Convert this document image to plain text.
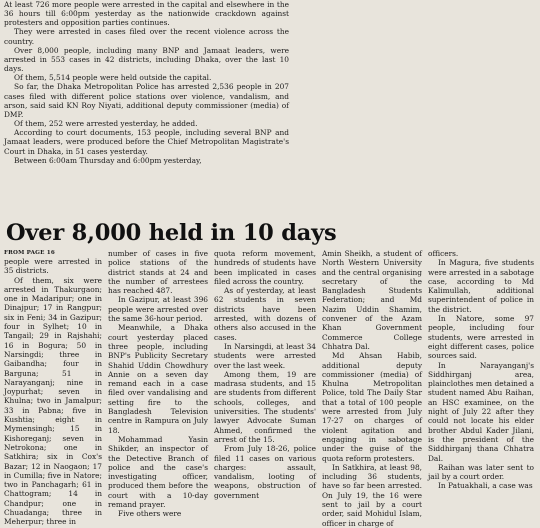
At least 726 more people were arrested in the capital and elsewhere in the 36 hours till 6:00pm yesterday as the nationwide crackdown against protesters and opposition parties continues.

They were arrested in cases filed over the recent violence across the country.

Over 8,000 people, including many BNP and Jamaat leaders, were arrested in 553 cases in 42 districts, including Dhaka, over the last 10 days.

Of them, 5,514 people were held outside the capital.

So far, the Dhaka Metropolitan Police has arrested 2,536 people in 207 cases filed with different police stations over violence, vandalism, and arson, said said KN Roy Niyati, additional deputy commissioner (media) of DMP.

Of them, 252 were arrested yesterday, he added.

According to court documents, 153 people, including several BNP and Jamaat leaders, were produced before the Chief Metropolitan Magistrate's Court in Dhaka, in 51 cases yesterday.

Between 6:00am Thursday and 6:00pm yesterday,

Over 8,000 held in 10 days

FROM PAGE 16

people were arrested in 35 districts.

Of them, six were arrested in Thakurgaon; one in Madaripur; one in Dinajpur; 17 in Rangpur; six in Feni; 34 in Gazipur; four in Sylhet; 10 in Tangail; 29 in Rajshahi; 16 in Bogura; 50 in Narsingdi; three in Gaibandha; four in Barguna; 51 in Narayanganj; nine in Joypurhat; seven in Khulna; two in Jamalpur; 33 in Pabna; five in Kushtia; eight in Mymensingh; 15 in Kishoreganj; seven in Netrokona; one in Satkhira; six in Cox's Bazar; 12 in Naogaon; 17 in Cumilla; five in Natore; two in Panchagarh; 61 in Chattogram; 14 in Chandpur; one in Chuadanga; three in Meherpur; three in

number of cases in five police stations of the district stands at 24 and the number of arrestees has reached 487.

In Gazipur, at least 396 people were arrested over the same 36-hour period.

Meanwhile, a Dhaka court yesterday placed three people, including BNP's Publicity Secretary Shahid Uddin Chowdhury Annie on a seven day remand each in a case filed over vandalising and setting fire to the Bangladesh Television centre in Rampura on July 18.

Mohammad Yasin Shikder, an inspector of the Detective Branch of police and the case's investigating officer, produced them before the court with a 10-day remand prayer.

Five others were

quota reform movement, hundreds of students have been implicated in cases filed across the country.

As of yesterday, at least 62 students in seven districts have been arrested, with dozens of others also accused in the cases.

In Narsingdi, at least 34 students were arrested over the last week.

Among them, 19 are madrasa students, and 15 are students from different schools, colleges, and universities. The students' lawyer Advocate Suman Ahmed, confirmed the arrest of the 15.

From July 18-26, police filed 11 cases on various charges: assault, vandalism, looting of weapons, obstruction of government

Amin Sheikh, a student of North Western University and the central organising secretary of the Bangladesh Students Federation; and Md Nazim Uddin Shamim, convener of the Azam Khan Government Commerce College Chhatra Dal.

Md Ahsan Habib, additional deputy commissioner (media) of Khulna Metropolitan Police, told The Daily Star that a total of 100 people were arrested from July 17-27 on charges of violent agitation and engaging in sabotage under the guise of the quota reform protesters.

In Satkhira, at least 98, including 36 students, have so far been arrested. On July 19, the 16 were sent to jail by a court order, said Mohidul Islam, officer in charge of

officers.

In Magura, five students were arrested in a sabotage case, according to Md Kalimullah, additional superintendent of police in the district.

In Natore, some 97 people, including four students, were arrested in eight different cases, police sources said.

In Narayanganj's Siddhirganj area, plainclothes men detained a student named Abu Raihan, an HSC examinee, on the night of July 22 after they could not locate his elder brother Abdul Kader Jilani, is the president of the Siddhirganj thana Chhatra Dal.

Raihan was later sent to jail by a court order.

In Patuakhali, a case was
